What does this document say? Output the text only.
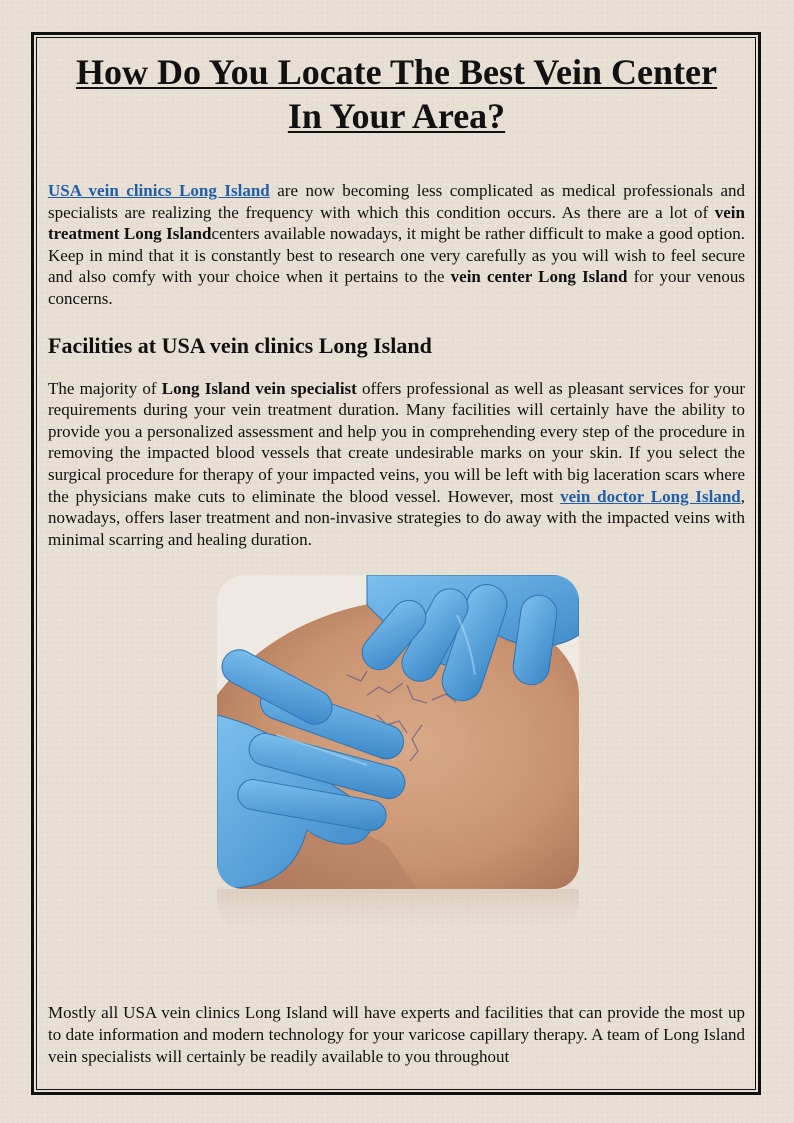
How Do You Locate The Best Vein Center
In Your Area?

USA vein clinics Long Island are now becoming less complicated as medical professionals and specialists are realizing the frequency with which this condition occurs. As there are a lot of vein treatment Long Islandcenters available nowadays, it might be rather difficult to make a good option. Keep in mind that it is constantly best to research one very carefully as you will wish to feel secure and also comfy with your choice when it pertains to the vein center Long Island for your venous concerns.

Facilities at USA vein clinics Long Island

The majority of Long Island vein specialist offers professional as well as pleasant services for your requirements during your vein treatment duration. Many facilities will certainly have the ability to provide you a personalized assessment and help you in comprehending every step of the procedure in removing the impacted blood vessels that create undesirable marks on your skin. If you select the surgical procedure for therapy of your impacted veins, you will be left with big laceration scars where the physicians make cuts to eliminate the blood vessel. However, most vein doctor Long Island, nowadays, offers laser treatment and non-invasive strategies to do away with the impacted veins with minimal scarring and healing duration.

Mostly all USA vein clinics Long Island will have experts and facilities that can provide the most up to date information and modern technology for your varicose capillary therapy. A team of Long Island vein specialists will certainly be readily available to you throughout
